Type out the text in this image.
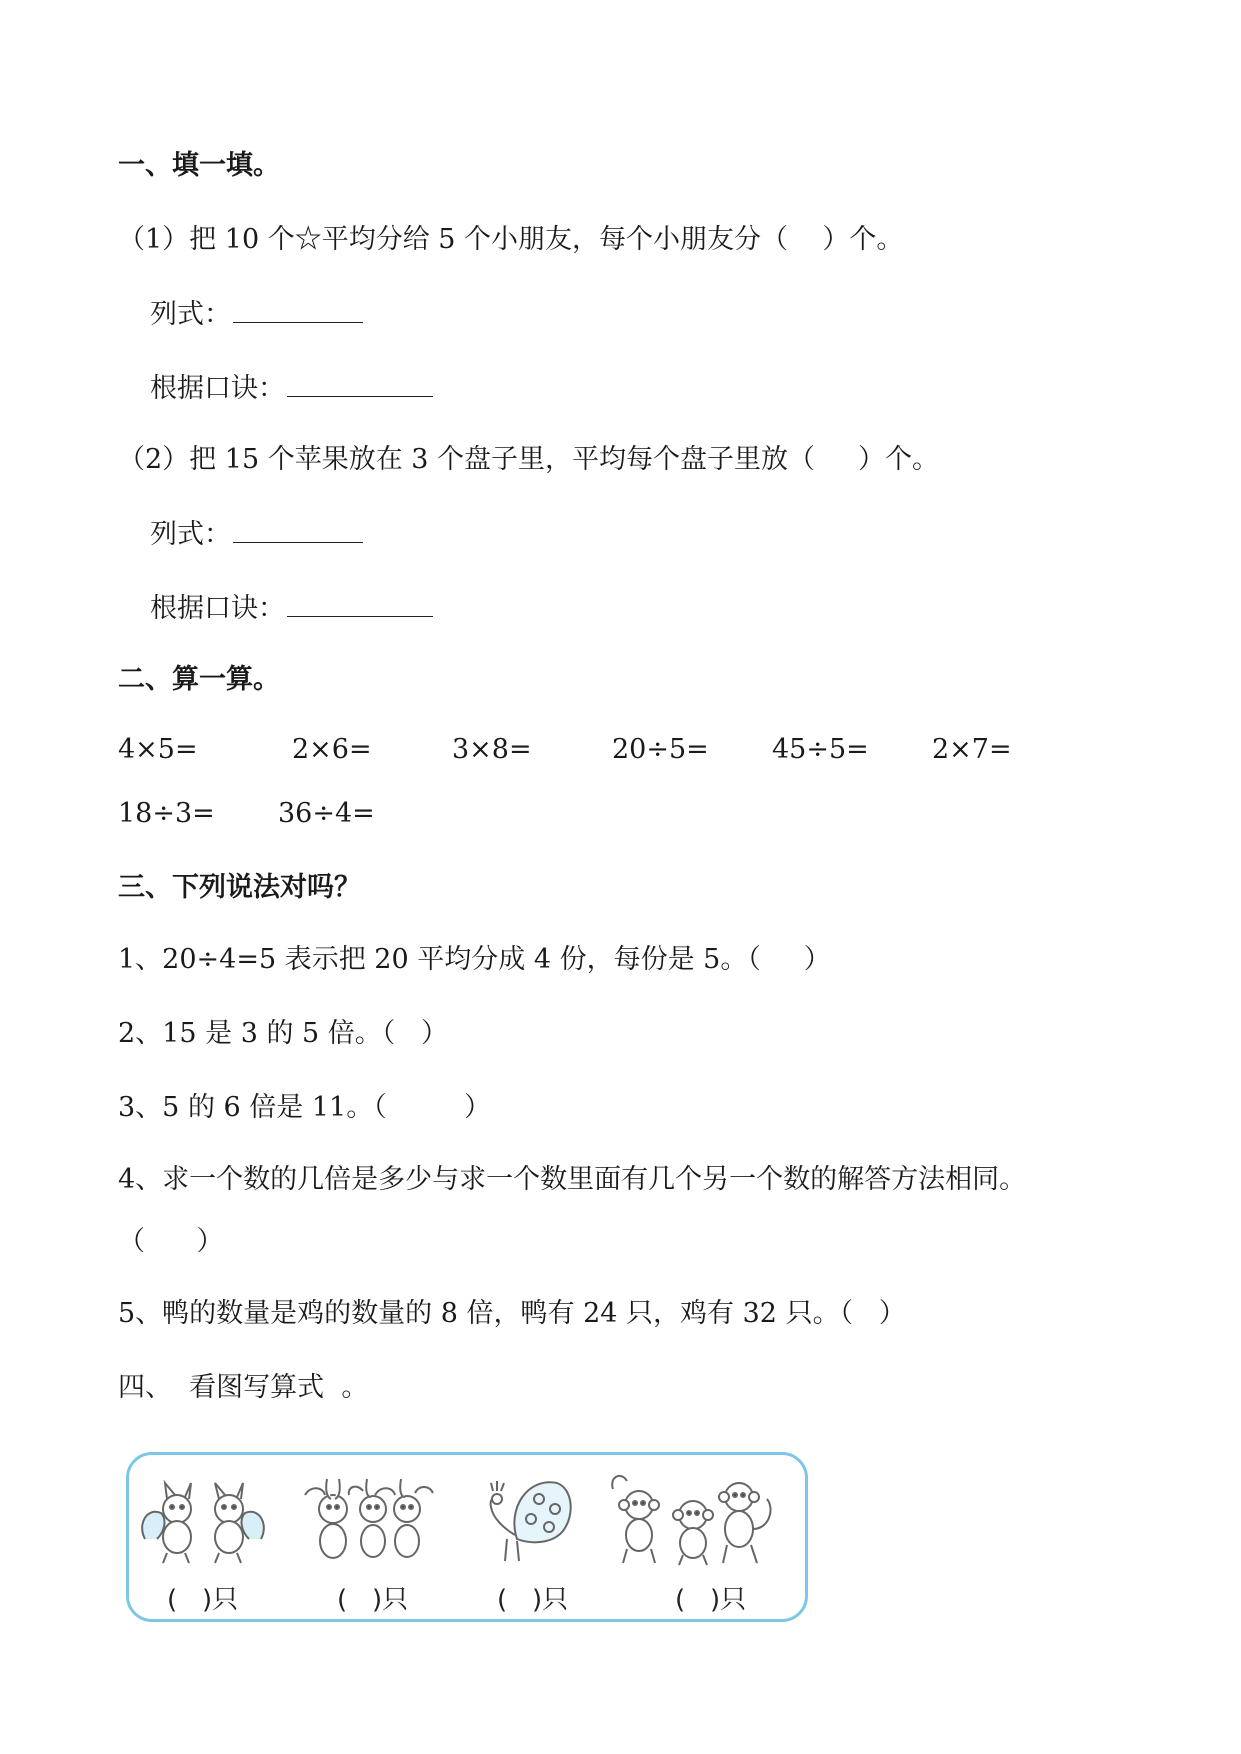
一、填一填。
（1）把 10 个☆平均分给 5 个小朋友，每个小朋友分（    ）个。
列式：
根据口诀：
（2）把 15 个苹果放在 3 个盘子里，平均每个盘子里放（     ）个。
列式：
根据口诀：
二、算一算。
4×5=	2×6=	3×8=	20÷5= 45÷5= 2×7=
18÷3= 36÷4=
三、下列说法对吗？
1、20÷4=5 表示把 20 平均分成 4 份，每份是 5。（     ）
2、15 是 3 的 5 倍。（   ）
3、5 的 6 倍是 11。（         ）
4、求一个数的几倍是多少与求一个数里面有几个另一个数的解答方法相同。
（      ）
5、鸭的数量是鸡的数量的 8 倍，鸭有 24 只，鸡有 32 只。（   ）
四、  看图写算式  。
(   )只	(   )只	(   )只	(   )只
